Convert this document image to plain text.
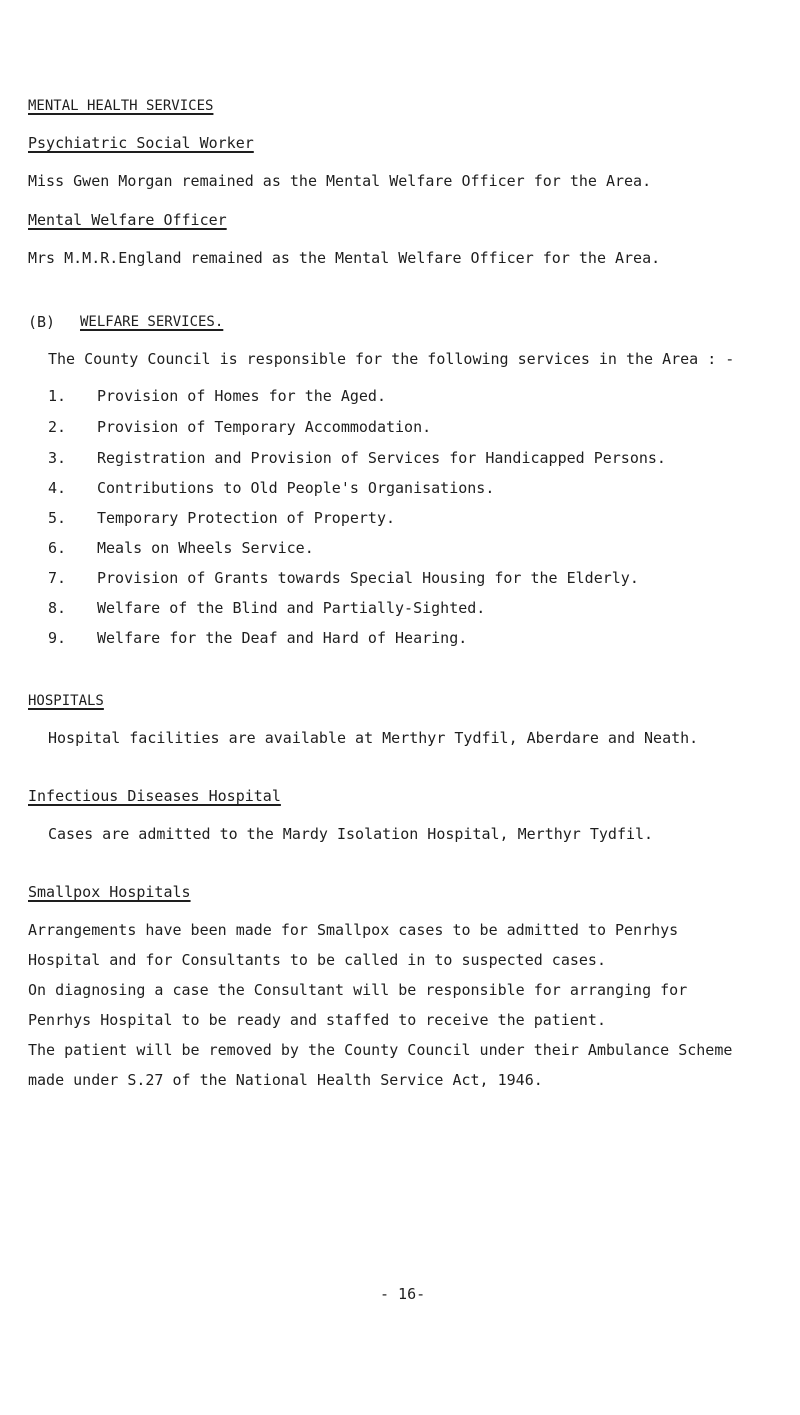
MENTAL HEALTH SERVICES
Psychiatric Social Worker
Miss Gwen Morgan remained as the Mental Welfare Officer for the Area.
Mental Welfare Officer
Mrs M.M.R.England remained as the Mental Welfare Officer for the Area.
(B) WELFARE SERVICES.
The County Council is responsible for the following services in the Area : -
1. Provision of Homes for the Aged.
2. Provision of Temporary Accommodation.
3. Registration and Provision of Services for Handicapped Persons.
4. Contributions to Old People's Organisations.
5. Temporary Protection of Property.
6. Meals on Wheels Service.
7. Provision of Grants towards Special Housing for the Elderly.
8. Welfare of the Blind and Partially-Sighted.
9. Welfare for the Deaf and Hard of Hearing.
HOSPITALS
Hospital facilities are available at Merthyr Tydfil, Aberdare and Neath.
Infectious Diseases Hospital
Cases are admitted to the Mardy Isolation Hospital, Merthyr Tydfil.
Smallpox Hospitals
Arrangements have been made for Smallpox cases to be admitted to Penrhys
Hospital and for Consultants to be called in to suspected cases.
On diagnosing a case the Consultant will be responsible for arranging for
Penrhys Hospital to be ready and staffed to receive the patient.
The patient will be removed by the County Council under their Ambulance Scheme
made under S.27 of the National Health Service Act, 1946.
- 16-
